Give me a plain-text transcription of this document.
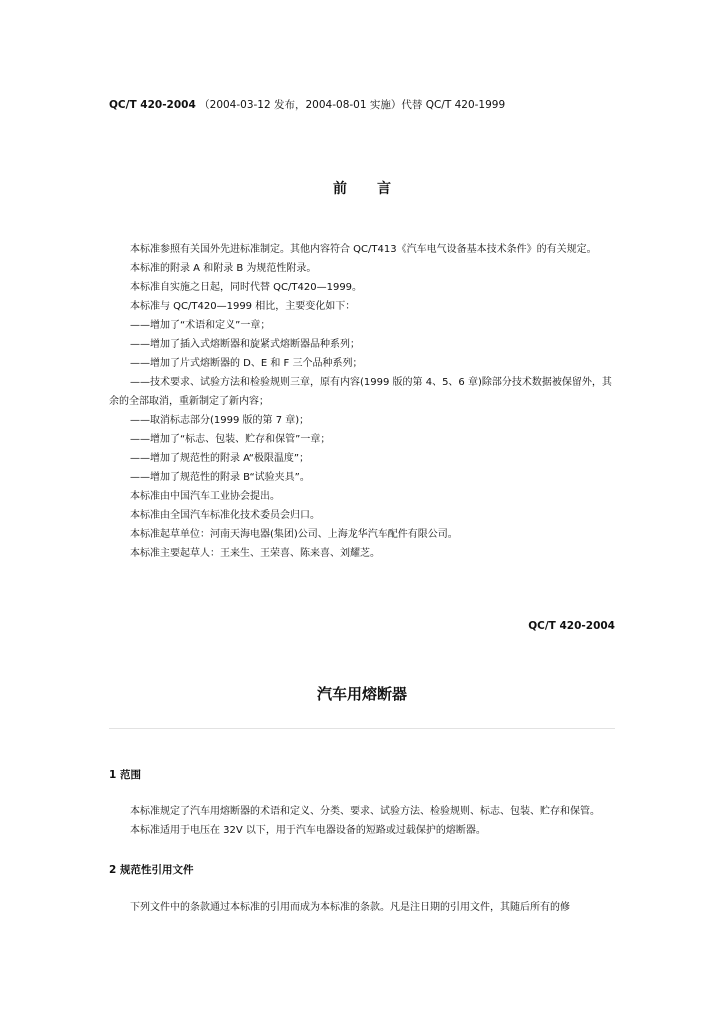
QC/T 420-2004 （2004-03-12 发布，2004-08-01 实施）代替 QC/T 420-1999
前言

本标准参照有关国外先进标准制定。其他内容符合 QC/T413《汽车电气设备基本技术条件》的有关规定。

本标准的附录 A 和附录 B 为规范性附录。

本标准自实施之日起，同时代替 QC/T420—1999。

本标准与 QC/T420—1999 相比，主要变化如下：

——增加了“术语和定义”一章；

——增加了插入式熔断器和旋紧式熔断器品种系列；

——增加了片式熔断器的 D、E 和 F 三个品种系列；

——技术要求、试验方法和检验规则三章，原有内容(1999 版的第 4、5、6 章)除部分技术数据被保留外，其余的全部取消，重新制定了新内容；

——取消标志部分(1999 版的第 7 章)；

——增加了“标志、包装、贮存和保管”一章；

——增加了规范性的附录 A“极限温度”；

——增加了规范性的附录 B“试验夹具”。

本标准由中国汽车工业协会提出。

本标准由全国汽车标准化技术委员会归口。

本标准起草单位：河南天海电器(集团)公司、上海龙华汽车配件有限公司。

本标准主要起草人：王来生、王荣喜、陈来喜、刘耀芝。

QC/T 420-2004
汽车用熔断器
1 范围

本标准规定了汽车用熔断器的术语和定义、分类、要求、试验方法、检验规则、标志、包装、贮存和保管。

本标准适用于电压在 32V 以下，用于汽车电器设备的短路或过载保护的熔断器。

2 规范性引用文件

下列文件中的条款通过本标准的引用而成为本标准的条款。凡是注日期的引用文件，其随后所有的修
